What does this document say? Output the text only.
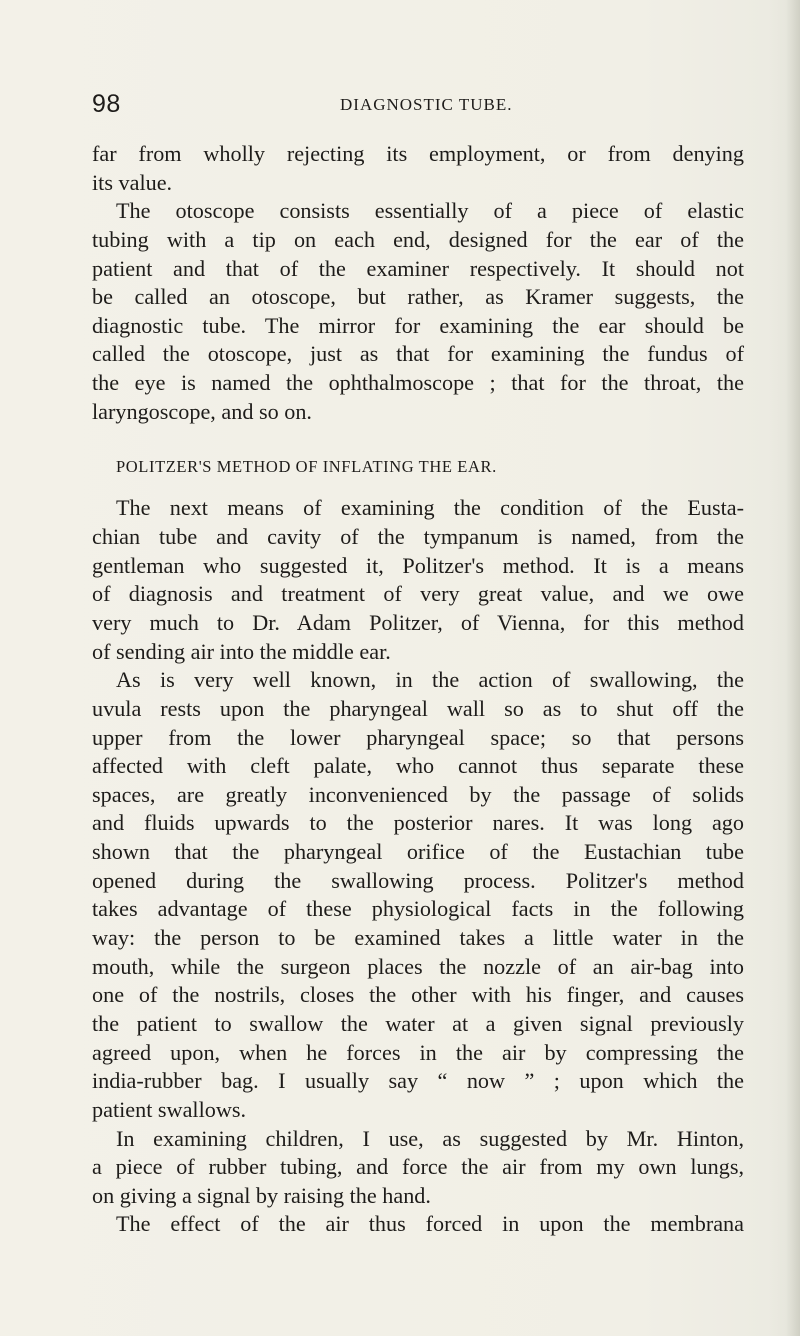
98	DIAGNOSTIC TUBE.
far from wholly rejecting its employment, or from denying
its value.
The otoscope consists essentially of a piece of elastic
tubing with a tip on each end, designed for the ear of the
patient and that of the examiner respectively. It should not
be called an otoscope, but rather, as Kramer suggests, the
diagnostic tube. The mirror for examining the ear should be
called the otoscope, just as that for examining the fundus of
the eye is named the ophthalmoscope ; that for the throat, the
laryngoscope, and so on.
POLITZER'S METHOD OF INFLATING THE EAR.
The next means of examining the condition of the Eusta-
chian tube and cavity of the tympanum is named, from the
gentleman who suggested it, Politzer's method. It is a means
of diagnosis and treatment of very great value, and we owe
very much to Dr. Adam Politzer, of Vienna, for this method
of sending air into the middle ear.
As is very well known, in the action of swallowing, the
uvula rests upon the pharyngeal wall so as to shut off the
upper from the lower pharyngeal space; so that persons
affected with cleft palate, who cannot thus separate these
spaces, are greatly inconvenienced by the passage of solids
and fluids upwards to the posterior nares. It was long ago
shown that the pharyngeal orifice of the Eustachian tube
opened during the swallowing process. Politzer's method
takes advantage of these physiological facts in the following
way: the person to be examined takes a little water in the
mouth, while the surgeon places the nozzle of an air-bag into
one of the nostrils, closes the other with his finger, and causes
the patient to swallow the water at a given signal previously
agreed upon, when he forces in the air by compressing the
india-rubber bag. I usually say “ now ” ; upon which the
patient swallows.
In examining children, I use, as suggested by Mr. Hinton,
a piece of rubber tubing, and force the air from my own lungs,
on giving a signal by raising the hand.
The effect of the air thus forced in upon the membrana
